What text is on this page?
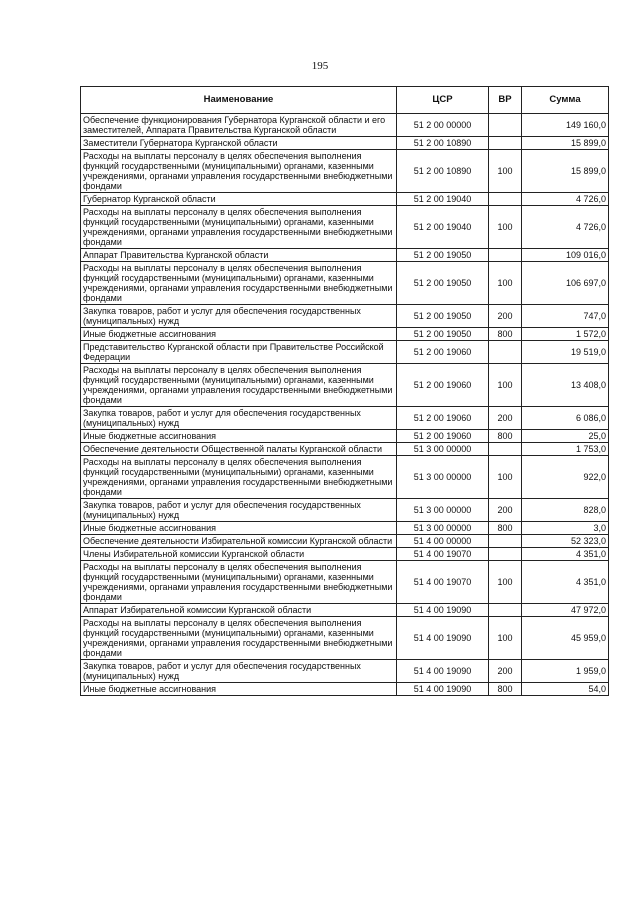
195
Наименование	ЦСР	ВР	Сумма
Обеспечение функционирования Губернатора Курганской области и его заместителей, Аппарата Правительства Курганской области	51 2 00 00000		149 160,0
Заместители Губернатора Курганской области	51 2 00 10890		15 899,0
Расходы на выплаты персоналу в целях обеспечения выполнения функций государственными (муниципальными) органами, казенными учреждениями, органами управления государственными внебюджетными фондами	51 2 00 10890	100	15 899,0
Губернатор Курганской области	51 2 00 19040		4 726,0
Расходы на выплаты персоналу в целях обеспечения выполнения функций государственными (муниципальными) органами, казенными учреждениями, органами управления государственными внебюджетными фондами	51 2 00 19040	100	4 726,0
Аппарат Правительства Курганской области	51 2 00 19050		109 016,0
Расходы на выплаты персоналу в целях обеспечения выполнения функций государственными (муниципальными) органами, казенными учреждениями, органами управления государственными внебюджетными фондами	51 2 00 19050	100	106 697,0
Закупка товаров, работ и услуг для обеспечения государственных (муниципальных) нужд	51 2 00 19050	200	747,0
Иные бюджетные ассигнования	51 2 00 19050	800	1 572,0
Представительство Курганской области при Правительстве Российской Федерации	51 2 00 19060		19 519,0
Расходы на выплаты персоналу в целях обеспечения выполнения функций государственными (муниципальными) органами, казенными учреждениями, органами управления государственными внебюджетными фондами	51 2 00 19060	100	13 408,0
Закупка товаров, работ и услуг для обеспечения государственных (муниципальных) нужд	51 2 00 19060	200	6 086,0
Иные бюджетные ассигнования	51 2 00 19060	800	25,0
Обеспечение деятельности Общественной палаты Курганской области	51 3 00 00000		1 753,0
Расходы на выплаты персоналу в целях обеспечения выполнения функций государственными (муниципальными) органами, казенными учреждениями, органами управления государственными внебюджетными фондами	51 3 00 00000	100	922,0
Закупка товаров, работ и услуг для обеспечения государственных (муниципальных) нужд	51 3 00 00000	200	828,0
Иные бюджетные ассигнования	51 3 00 00000	800	3,0
Обеспечение деятельности Избирательной комиссии Курганской области	51 4 00 00000		52 323,0
Члены Избирательной комиссии Курганской области	51 4 00 19070		4 351,0
Расходы на выплаты персоналу в целях обеспечения выполнения функций государственными (муниципальными) органами, казенными учреждениями, органами управления государственными внебюджетными фондами	51 4 00 19070	100	4 351,0
Аппарат Избирательной комиссии Курганской области	51 4 00 19090		47 972,0
Расходы на выплаты персоналу в целях обеспечения выполнения функций государственными (муниципальными) органами, казенными учреждениями, органами управления государственными внебюджетными фондами	51 4 00 19090	100	45 959,0
Закупка товаров, работ и услуг для обеспечения государственных (муниципальных) нужд	51 4 00 19090	200	1 959,0
Иные бюджетные ассигнования	51 4 00 19090	800	54,0
